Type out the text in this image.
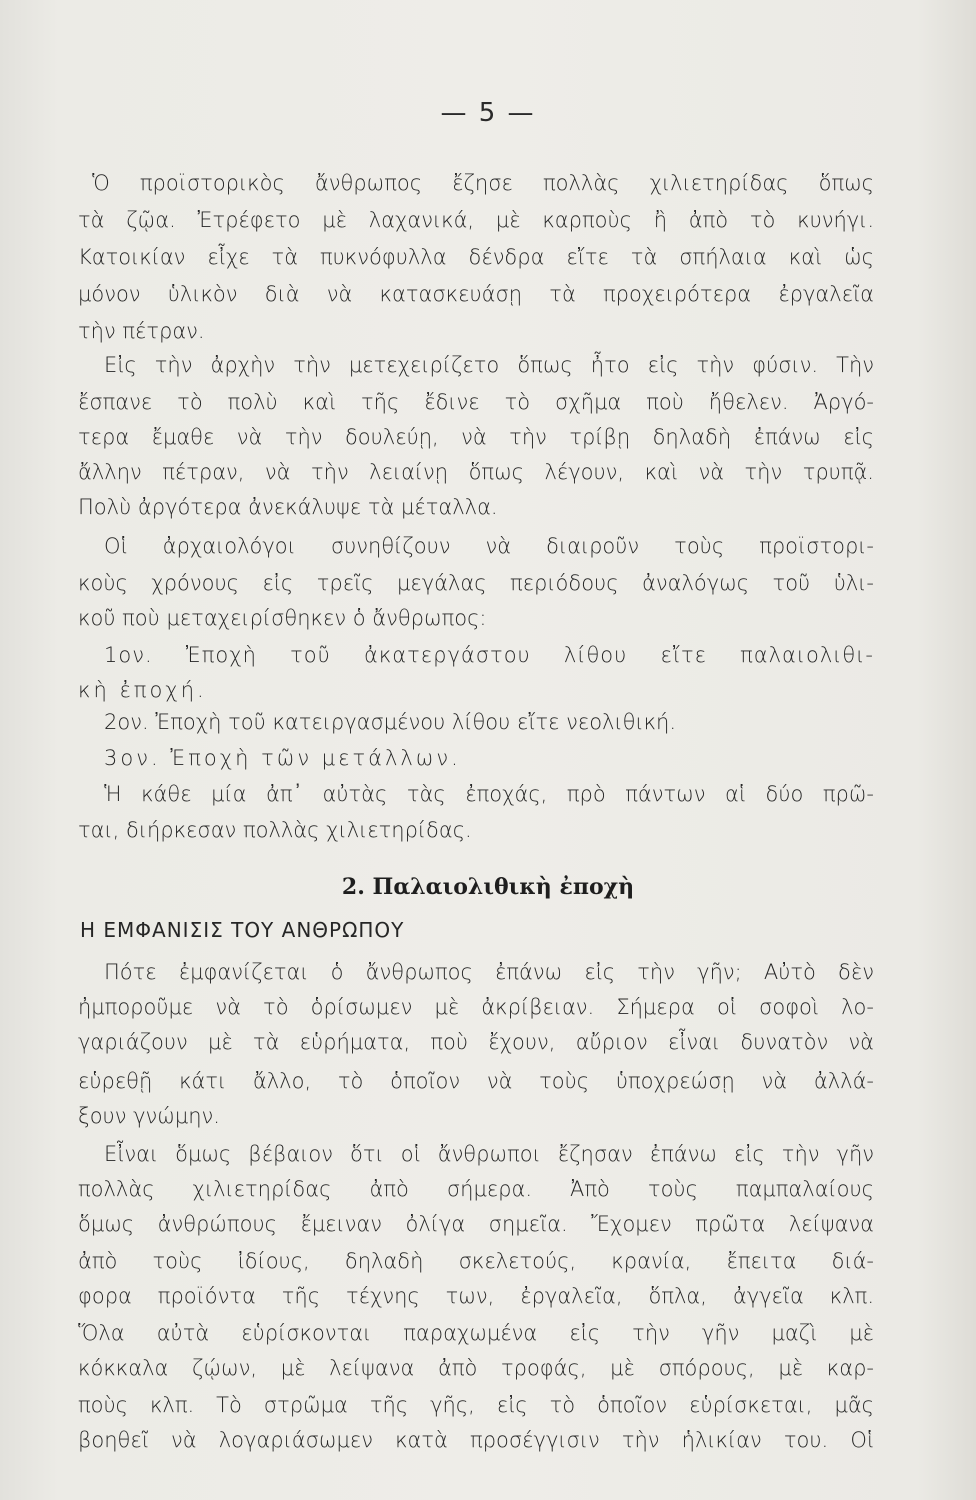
— 5 —
Ὁ προϊστορικὸς ἄνθρωπος ἔζησε πολλὰς χιλιετηρίδας ὅπως
τὰ ζῷα. Ἐτρέφετο μὲ λαχανικά, μὲ καρποὺς ἢ ἀπὸ τὸ κυνήγι.
Κατοικίαν εἶχε τὰ πυκνόφυλλα δένδρα εἴτε τὰ σπήλαια καὶ ὡς
μόνον ὑλικὸν διὰ νὰ κατασκευάσῃ τὰ προχειρότερα ἐργαλεῖα
τὴν πέτραν.
Εἰς τὴν ἀρχὴν τὴν μετεχειρίζετο ὅπως ἦτο εἰς τὴν φύσιν. Τὴν
ἔσπανε τὸ πολὺ καὶ τῆς ἔδινε τὸ σχῆμα ποὺ ἤθελεν. Ἀργό-
τερα ἔμαθε νὰ τὴν δουλεύῃ, νὰ τὴν τρίβῃ δηλαδὴ ἐπάνω εἰς
ἄλλην πέτραν, νὰ τὴν λειαίνῃ ὅπως λέγουν, καὶ νὰ τὴν τρυπᾷ.
Πολὺ ἀργότερα ἀνεκάλυψε τὰ μέταλλα.
Οἱ ἀρχαιολόγοι συνηθίζουν νὰ διαιροῦν τοὺς προϊστορι-
κοὺς χρόνους εἰς τρεῖς μεγάλας περιόδους ἀναλόγως τοῦ ὑλι-
κοῦ ποὺ μεταχειρίσθηκεν ὁ ἄνθρωπος:
1ον. Ἐποχὴ τοῦ ἀκατεργάστου λίθου εἴτε παλαιολιθι-
κὴ ἐποχή.
2ον. Ἐποχὴ τοῦ κατειργασμένου λίθου εἴτε νεολιθική.
3ον. Ἐποχὴ τῶν μετάλλων.
Ἡ κάθε μία ἀπ᾿ αὐτὰς τὰς ἐποχάς, πρὸ πάντων αἱ δύο πρῶ-
ται, διήρκεσαν πολλὰς χιλιετηρίδας.
2. Παλαιολιθικὴ ἐποχὴ
Η ΕΜΦΑΝΙΣΙΣ ΤΟΥ ΑΝΘΡΩΠΟΥ
Πότε ἐμφανίζεται ὁ ἄνθρωπος ἐπάνω εἰς τὴν γῆν; Αὐτὸ δὲν
ἠμποροῦμε νὰ τὸ ὁρίσωμεν μὲ ἀκρίβειαν. Σήμερα οἱ σοφοὶ λο-
γαριάζουν μὲ τὰ εὑρήματα, ποὺ ἔχουν, αὔριον εἶναι δυνατὸν νὰ
εὑρεθῇ κάτι ἄλλο, τὸ ὁποῖον νὰ τοὺς ὑποχρεώσῃ νὰ ἀλλά-
ξουν γνώμην.
Εἶναι ὅμως βέβαιον ὅτι οἱ ἄνθρωποι ἔζησαν ἐπάνω εἰς τὴν γῆν
πολλὰς χιλιετηρίδας ἀπὸ σήμερα. Ἀπὸ τοὺς παμπαλαίους
ὅμως ἀνθρώπους ἔμειναν ὀλίγα σημεῖα. Ἔχομεν πρῶτα λείψανα
ἀπὸ τοὺς ἰδίους, δηλαδὴ σκελετούς, κρανία, ἔπειτα διά-
φορα προϊόντα τῆς τέχνης των, ἐργαλεῖα, ὅπλα, ἀγγεῖα κλπ.
Ὅλα αὐτὰ εὑρίσκονται παραχωμένα εἰς τὴν γῆν μαζὶ μὲ
κόκκαλα ζῴων, μὲ λείψανα ἀπὸ τροφάς, μὲ σπόρους, μὲ καρ-
ποὺς κλπ. Τὸ στρῶμα τῆς γῆς, εἰς τὸ ὁποῖον εὑρίσκεται, μᾶς
βοηθεῖ νὰ λογαριάσωμεν κατὰ προσέγγισιν τὴν ἡλικίαν του. Οἱ
